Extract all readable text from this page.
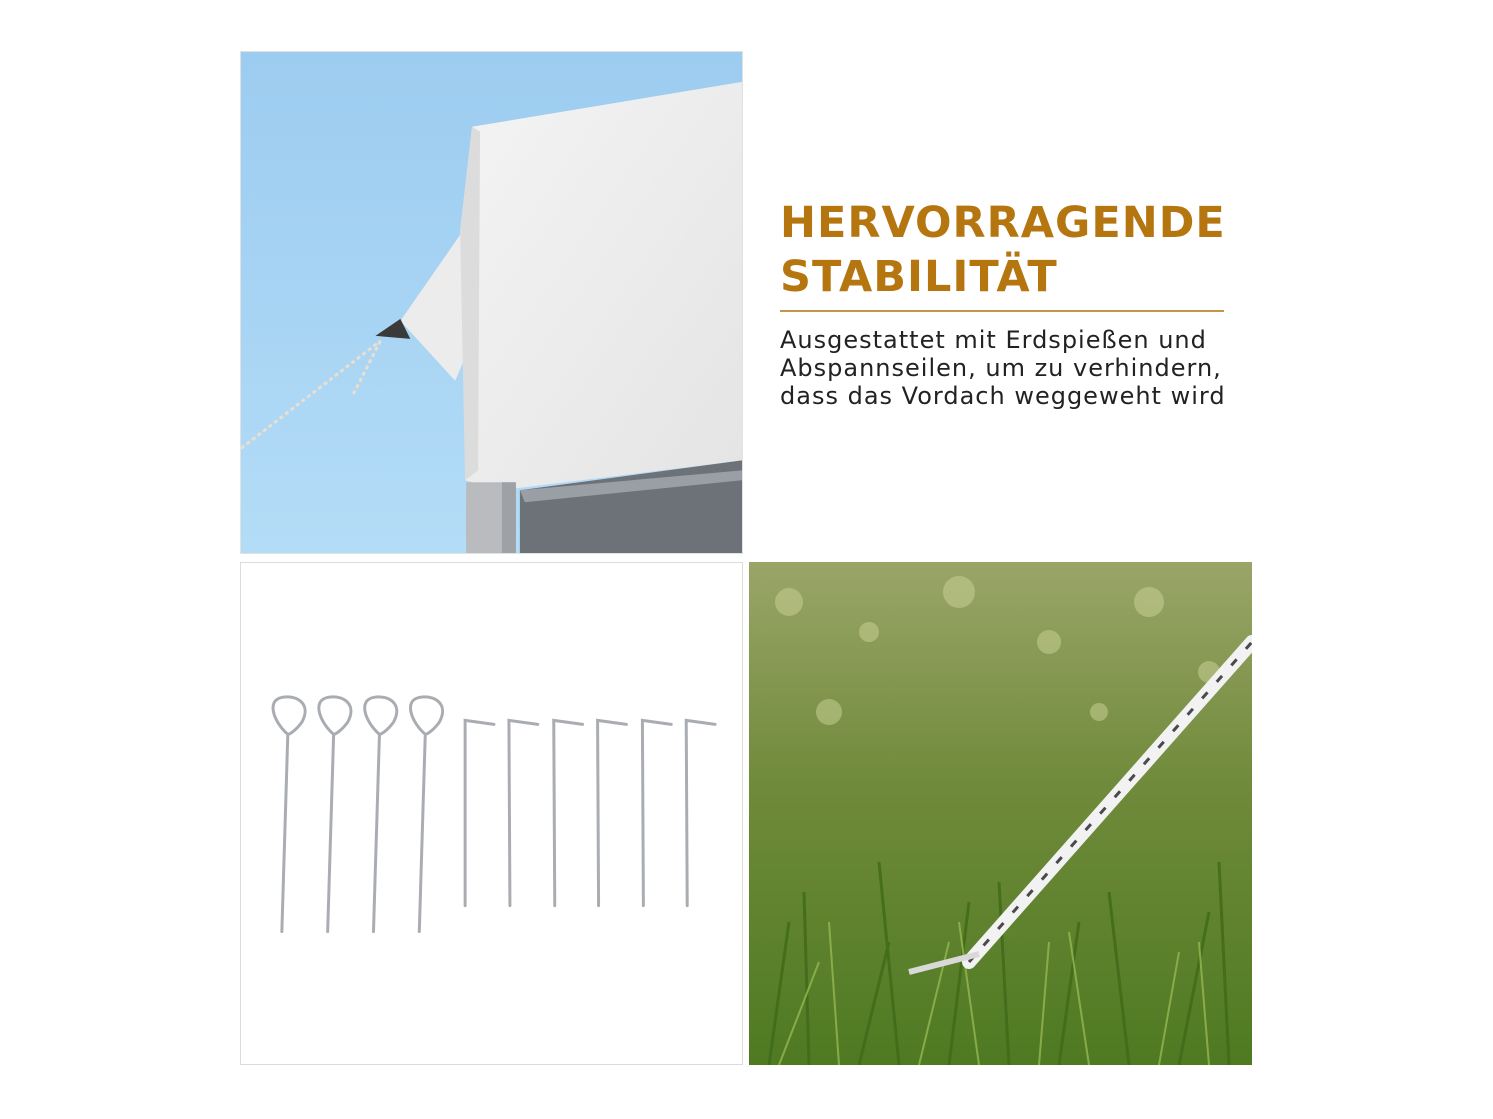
HERVORRAGENDE
STABILITÄT

Ausgestattet mit Erdspießen und
Abspannseilen, um zu verhindern,
dass das Vordach weggeweht wird
